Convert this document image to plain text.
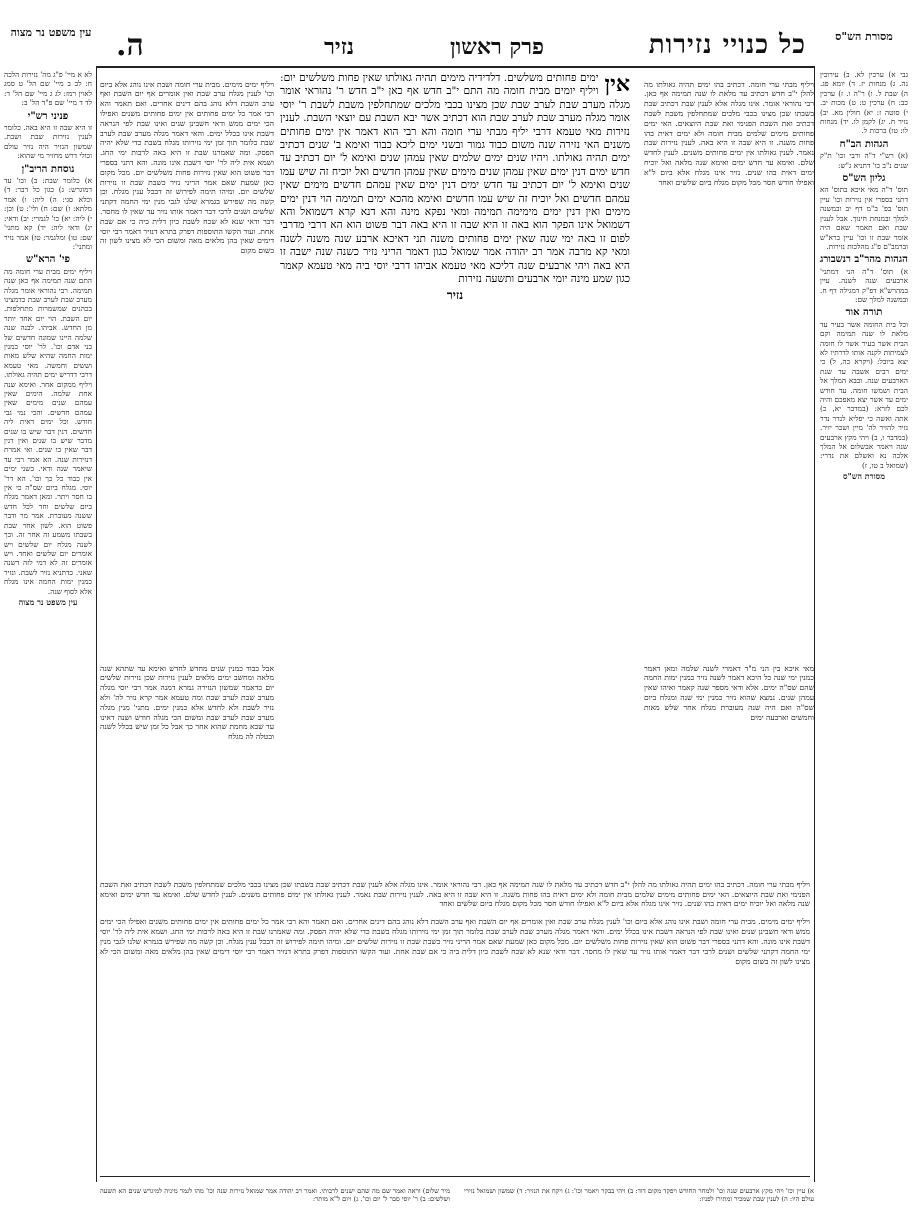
כל כנויי נזירות
פרק ראשון
נזיר
ה.
עין משפט נר מצוה	מסורת הש"ס

גבי א) ערכין לא. ב) עירובין נה. ג) מנחות יז. ד) יומא פג. ה) שבת ל. ו) ר"ה ו. ז) ערכין כב: ח) ערכין ט: ט) מכות יב. י) סוטה ז: יא) חולין מא. יב) נזיר ח. יג) לקמן לו. יד) מנחות לו: טו) ברכות ל.

הגהות הב"ח

(א) רש"י ד"ה ורבי וכו' ת"ק שנים נ"ב כו' דתניא ג"ש:

גליון הש"ס

תוס' ד"ה מאי איכא בתוס' הא דתני בספרי אין נזירות וכו' עיין תוס' בפ' ב"מ דף יב ובמשנה למלך ובמנחת חינוך. אבל לענין שבת ואם תאמר שאם היה אומר שבת זו וכו' עיין ברא"ש וברמב"ם פ"ג מהלכות נזירות.

הגהות מהר"ב רנשבורג

א) תוס' ד"ה הני דמתני' ארבעים שנה לשנה. עיין במהרש"א דפ"ק דמגילה דף ח. ובמשנה למלך שם:

תורה אור

וכל בית החומה אשר בעיר עד מלאת לו שנה תמימה וקם הבית אשר בעיר אשר לו חומה לצמיתות לקנה אותו לדרתיו לא יצא ביובל: (ויקרא כה, ל) כי ימים רבים אשבה עד שנת הארבעים שנה. ובבא המלך אל הבית ושמשו חומה. עד חודש ימים עד אשר יצא מאפכם והיה לכם לזרא: (במדבר יא, כ) אתה ואשה כי יפליא לנדר נדר נזיר להזיר לה' מיין ושכר יזיר. (במדבר ו, ב) ויהי מקץ ארבעים שנה ויאמר אבשלום אל המלך אלכה נא ואשלם את נדרי: (שמואל ב טו, ז)

מסורת הש"ס

לא א מיי' פ"ג מה' נזירות הלכה ח: לב ב מיי' שם הל' ט סמג לאוין רמז: לג ג מיי' שם הל' ד: לד ד מיי' שם פ"ד הל' ב:

פניני רש"י

זו היא שבה זו היא באה. כלומר לענין נזירות שבת ושבת. שמשון הנזיר היה נזיר עולם וכולי דרש מחזיר מי שהוא:

נוסחת הריב"ן

א) כלומר שבת: ב) וכו' עד דמוגרש: ג) כגון כל דבר: ד) וכלא סגי: ה) ליה: ו) אמר מלתא: ז) שם: ח) ולי': ט) וכן: י) ליה: יא) כו' לגמרי: יב) ודאי: יג) ודאי ליה: יד) קא מתני' שם: טו) ומלגמר: טז) אמר נזיר ומתני':

פי' הרא"ש

ויליף ימים מבית ערי חומה מה התם שנה תמימה אף כאן שנה תמימה. רבי נהוראי אומר מגלה מערב שבת לערב שבת כדמצינו בכהנים שמשמרות מתחלפות. יום השבת. הוי יום אחד יותר מן החדש. אביהו. לבנה שנה שלמה היינו שמונה חדשים של בני אדם וכו'. לר' יוסי כמנין ימות החמה שהיא שלש מאות וששים וחמשה. מאי טעמא דרבי דדריש ימים תהיה גאולתו. ויליף ממקום אחר. ואימא שנה אחת שלמה. הימים שאין עמהם שנים מימים שאין עמהם חדשים. והכי נמי גבי חודש. וכל ימים דאית ליה חדשים. דנין דבר שיש בו שנים מדבר שיש בו שנים ואין דנין דבר שאין בו שנים. ואי אמרת דנזירות שנה. הא אמר רבי עד שיאמר שנה ודאי. בשני ימים אין כבוד כל כך וכו'. הא דר' יוסי. מגלח ביום שס"ה כי אין בו חסר ויתר. ומאן דאמר מגלח ביום שלשים וחד לכל חדש ששנה מעוברת. אמר מר ודבר פשוט הוא. לשון אחר שבת בשבתו משמע זה אחר זה. וכך לשנה מגלח יום שלשים ויש אומרים יום שלשים ואחד. ויש אומרים זה לא דמי לזה דשנה שאני. כדתניא נזיר לשבת. ונזיר כמנין ימות החמה אינו מגלח אלא לסוף שנה.

עין משפט נר מצוה

ויליף מבתי ערי חומה. דכתיב בהו ימים תהיה גאולתו מה להלן י"ב חדש דכתיב עד מלאת לו שנה תמימה אף כאן. רבי נהוראי אומר. אינו מגלה אלא לענין שבת דכתיב שבת בשבתו שכן מצינו בכבי מלכים שמתחלפין משבת לשבת דכתיב ואת השבת הפנימי ואת שבת היוצאים. האי ימים פחותים מימים שלמים מבית חומה ולא ימים דאית בהו פחות משנה. זו היא שבה זו היא באה. לענין נזירות שבת נאמר. לענין גאולתו אין ימים פחותים משנים. לענין לחדש שלם. ואימא עד חדש ימים ואימא שנה מלאה ואל יוכיח ימים דאית בהו שנים. נזיר אינו מגלח אלא ביום ל"א ואפילו חודש חסר מכל מקום מגלח ביום שלשים ואחד

ויליף ימים מימים. מבית ערי חומה ושבת אינו נוהג אלא ביום וכו' לענין מגלח ערב שבת ואין אומרים אף יום השבת ואף ערב השבת דלא נוהג בהם דינים אחרים. ואם תאמר והא רבי אמר כל ימים פחותים אין ימים פחותים משנים ואפילו הכי ימים ממש ודאי חשבינן שנים ואינו שבת לפי הנראה דשבת אינו בכלל ימים. והאי דאמר מגלה מערב שבת לערב שבת כלומר תוך זמן ימי נזירותו מגלח בשבת כדי שלא יהיה הפסק. ומה שאמרנו שבת זו היא באה לרבות ימי החג. ושמא אית ליה לר' יוסי דשבת אינו מונה. והא דתני בספרי דבר פשוט הוא שאין נזירות פחות משלשים יום. מכל מקום כאן שמעת שאם אמר הריני נזיר כשבת שבת זו נזירות שלשים יום. ומיהו תימה לפירוש זה דבכל ענין מגלח. וכן קשה מה שפירש בגמרא שלנו לגבי מנין ימי החמה דקתני שלשים ושנים לרבי דבר דאמר אותו נזיר עד שאין לו מחסר. דבר ודאי שנא לא שכח לשבת כיון דלית ביה כי אם שבת אחת. ועוד הקשו התוספות דפרק בתרא דנזיר דאמר רבי יוסי דימים שאין בהן מלאים מאה ומשום הכי לא מצינו לשון זה בשום מקום

אין
ימים פחותים משלשים. דלדידיה מימים תהיה גאולתו שאין פחות משלשים יום: ויליף יומים מבית חומה מה התם י"ב חדש אף כאן י"ב חדש ר' נהוראי אומר מגלה מערב שבת לערב שבת שכן מצינו בכבי מלכים שמתחלפין משבת לשבת ר' יוסי אומר מגלה מערב שבת לערב שבת הוא דכתיב אשר יבא השבת עם יוצאי השבת. לענין נזירות מאי טעמא דרבי יליף מבתי ערי חומה והא רבי הוא דאמר אין ימים פחותים משנים האי נזירה שנה משום כבוד גמור ובשני ימים ליכא כבוד ואימא ב' שנים דכתיב ימים תהיה גאולתו. ויהיו שנים ימים שלמים שאין עמהן שנים ואימא ל' יום דכתיב עד חדש ימים דנין ימים שאין עמהן שנים מימים שאין עמהן חדשים ואל יוכיח זה שיש עמו שנים ואימא ל' יום דכתיב עד חדש ימים דנין ימים שאין עמהם חדשים מימים שאין עמהם חדשים ואל יוכיח זה שיש עמו חדשים ואימא מהכא ימים תמימה הוי דנין ימים מימים ואין דנין ימים מימימה תמימה ומאי נפקא מינה והא דנא קרא דשמואל והא דשמואל אינו הפקר הוא באה זו היא שבה זו היא באה דבר פשוט הוא הא דרבי מדרבי לפום זו באה ימי שנה שאין ימים פחותים משנה תני דאיכא ארבע שנה משנה לשנה ומאי קא מרבה אמר רב יהודה אמר שמואל כגון דאמר הריני נזיר כשנה שנה ישבה זו היא באה ויהי ארבעים שנה דליכא מאי טעמא אביהו דרבי יוסי ביה מאי טעמא קאמר כגון שמע מינה יומי ארבעים ותשעה נזירות
נזיר

אבל כבוד כמנין שנים מחדש לחדש ואימא עד שתהא שנה מלאה ומחשב ימים מלאים לענין נזירות שכן נזירות שלשים יום כדאמר שמשון הנזירה גמרא דמנה אמר רבי יוסי מגלה מערב שבת לערב שבת ומה טעמא אמר קרא נזיר לה' ולא נזיר לשבת ולא לחדש אלא כמנין ימים. מתני' מנין מגלה מערב שבת לערב שבת ומשום הכי מגלה חודש ושנה דאינו עד שבא מחמת שהוא אחר כך אבל כל זמן שיש בכלל לשנה ובטלה לה מגלח

מאי איכא בין הני מ"ד דאמרי לשנה שלמה ומאן דאמר כמנין ימי שנה כל היכא דאמר לשנה נזיר כמנין ימות החמה שהם שס"ה ימים. אלא ודאי מספר שנה קאמר ואיהו שאין עמהן שנים. נמצא שהוא נזיר כמנין ימי שנה ומגלח ביום שס"ה ואם היה שנה מעוברת מגלח אחר שלש מאות וחמשים וארבעה ימים

ויליף מבתי ערי חומה. דכתיב בהו ימים תהיה גאולתו מה להלן י"ב חדש דכתיב עד מלאת לו שנה תמימה אף כאן. רבי נהוראי אומר. אינו מגלה אלא לענין שבת דכתיב שבת בשבתו שכן מצינו בכבי מלכים שמתחלפין משבת לשבת דכתיב ואת השבת הפנימי ואת שבת היוצאים. האי ימים פחותים מימים שלמים מבית חומה ולא ימים דאית בהו פחות משנה. זו היא שבה זו היא באה. לענין נזירות שבת נאמר. לענין גאולתו אין ימים פחותים משנים. לענין לחדש שלם. ואימא עד חדש ימים ואימא שנה מלאה ואל יוכיח ימים דאית בהו שנים. נזיר אינו מגלח אלא ביום ל"א ואפילו חודש חסר מכל מקום מגלח ביום שלשים ואחד

ויליף ימים מימים. מבית ערי חומה ושבת אינו נוהג אלא ביום וכו' לענין מגלח ערב שבת ואין אומרים אף יום השבת ואף ערב השבת דלא נוהג בהם דינים אחרים. ואם תאמר והא רבי אמר כל ימים פחותים אין ימים פחותים משנים ואפילו הכי ימים ממש ודאי חשבינן שנים ואינו שבת לפי הנראה דשבת אינו בכלל ימים. והאי דאמר מגלה מערב שבת לערב שבת כלומר תוך זמן ימי נזירותו מגלח בשבת כדי שלא יהיה הפסק. ומה שאמרנו שבת זו היא באה לרבות ימי החג. ושמא אית ליה לר' יוסי דשבת אינו מונה. והא דתני בספרי דבר פשוט הוא שאין נזירות פחות משלשים יום. מכל מקום כאן שמעת שאם אמר הריני נזיר כשבת שבת זו נזירות שלשים יום. ומיהו תימה לפירוש זה דבכל ענין מגלח. וכן קשה מה שפירש בגמרא שלנו לגבי מנין ימי החמה דקתני שלשים ושנים לרבי דבר דאמר אותו נזיר עד שאין לו מחסר. דבר ודאי שנא לא שכח לשבת כיון דלית ביה כי אם שבת אחת. ועוד הקשו התוספות דפרק בתרא דנזיר דאמר רבי יוסי דימים שאין בהן מלאים מאה ומשום הכי לא מצינו לשון זה בשום מקום

מיר שלום) וראה ואמר שם מה שהם ישנים לרבותי. ואמר רב יהודה אמר שמואל נזירות שנה וכו' מהו לגמר מיניה למיגרש שנים הא תשעה ושלשים: ב) ר' יוסי סבר ל' יום וכו'. ג) ויום ל"א מותר:

א) עיין וכו' ויהי מקץ ארבעים שנה וכו' ולמחר החודש ויפקד מקום דוד: ב) ויהי בבקר ויאמר וכו': ג) ויקח את הנזיר: ד) שמשון ושמואל נזירי עולם היו: ה) לענין שבת שמכיר ומתירו לפניו:
